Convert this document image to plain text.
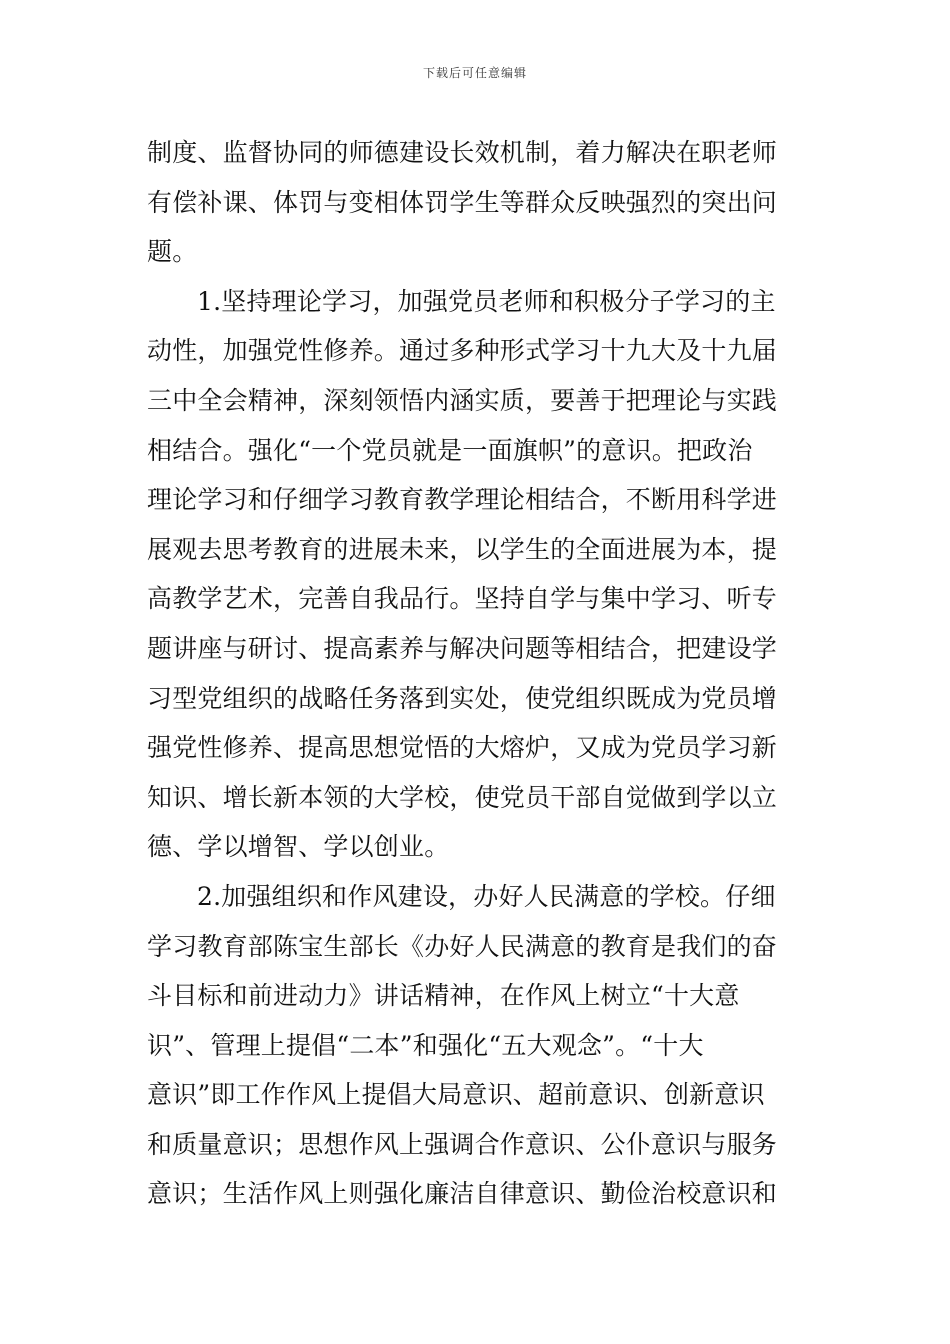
下载后可任意编辑
制度、监督协同的师德建设长效机制，着力解决在职老师
有偿补课、体罚与变相体罚学生等群众反映强烈的突出问
题。
1.坚持理论学习，加强党员老师和积极分子学习的主
动性，加强党性修养。通过多种形式学习十九大及十九届
三中全会精神，深刻领悟内涵实质，要善于把理论与实践
相结合。强化“一个党员就是一面旗帜”的意识。把政治
理论学习和仔细学习教育教学理论相结合，不断用科学进
展观去思考教育的进展未来，以学生的全面进展为本，提
高教学艺术，完善自我品行。坚持自学与集中学习、听专
题讲座与研讨、提高素养与解决问题等相结合，把建设学
习型党组织的战略任务落到实处，使党组织既成为党员增
强党性修养、提高思想觉悟的大熔炉，又成为党员学习新
知识、增长新本领的大学校，使党员干部自觉做到学以立
德、学以增智、学以创业。
2.加强组织和作风建设，办好人民满意的学校。仔细
学习教育部陈宝生部长《办好人民满意的教育是我们的奋
斗目标和前进动力》讲话精神，在作风上树立“十大意
识”、管理上提倡“二本”和强化“五大观念”。“十大
意识”即工作作风上提倡大局意识、超前意识、创新意识
和质量意识；思想作风上强调合作意识、公仆意识与服务
意识；生活作风上则强化廉洁自律意识、勤俭治校意识和
